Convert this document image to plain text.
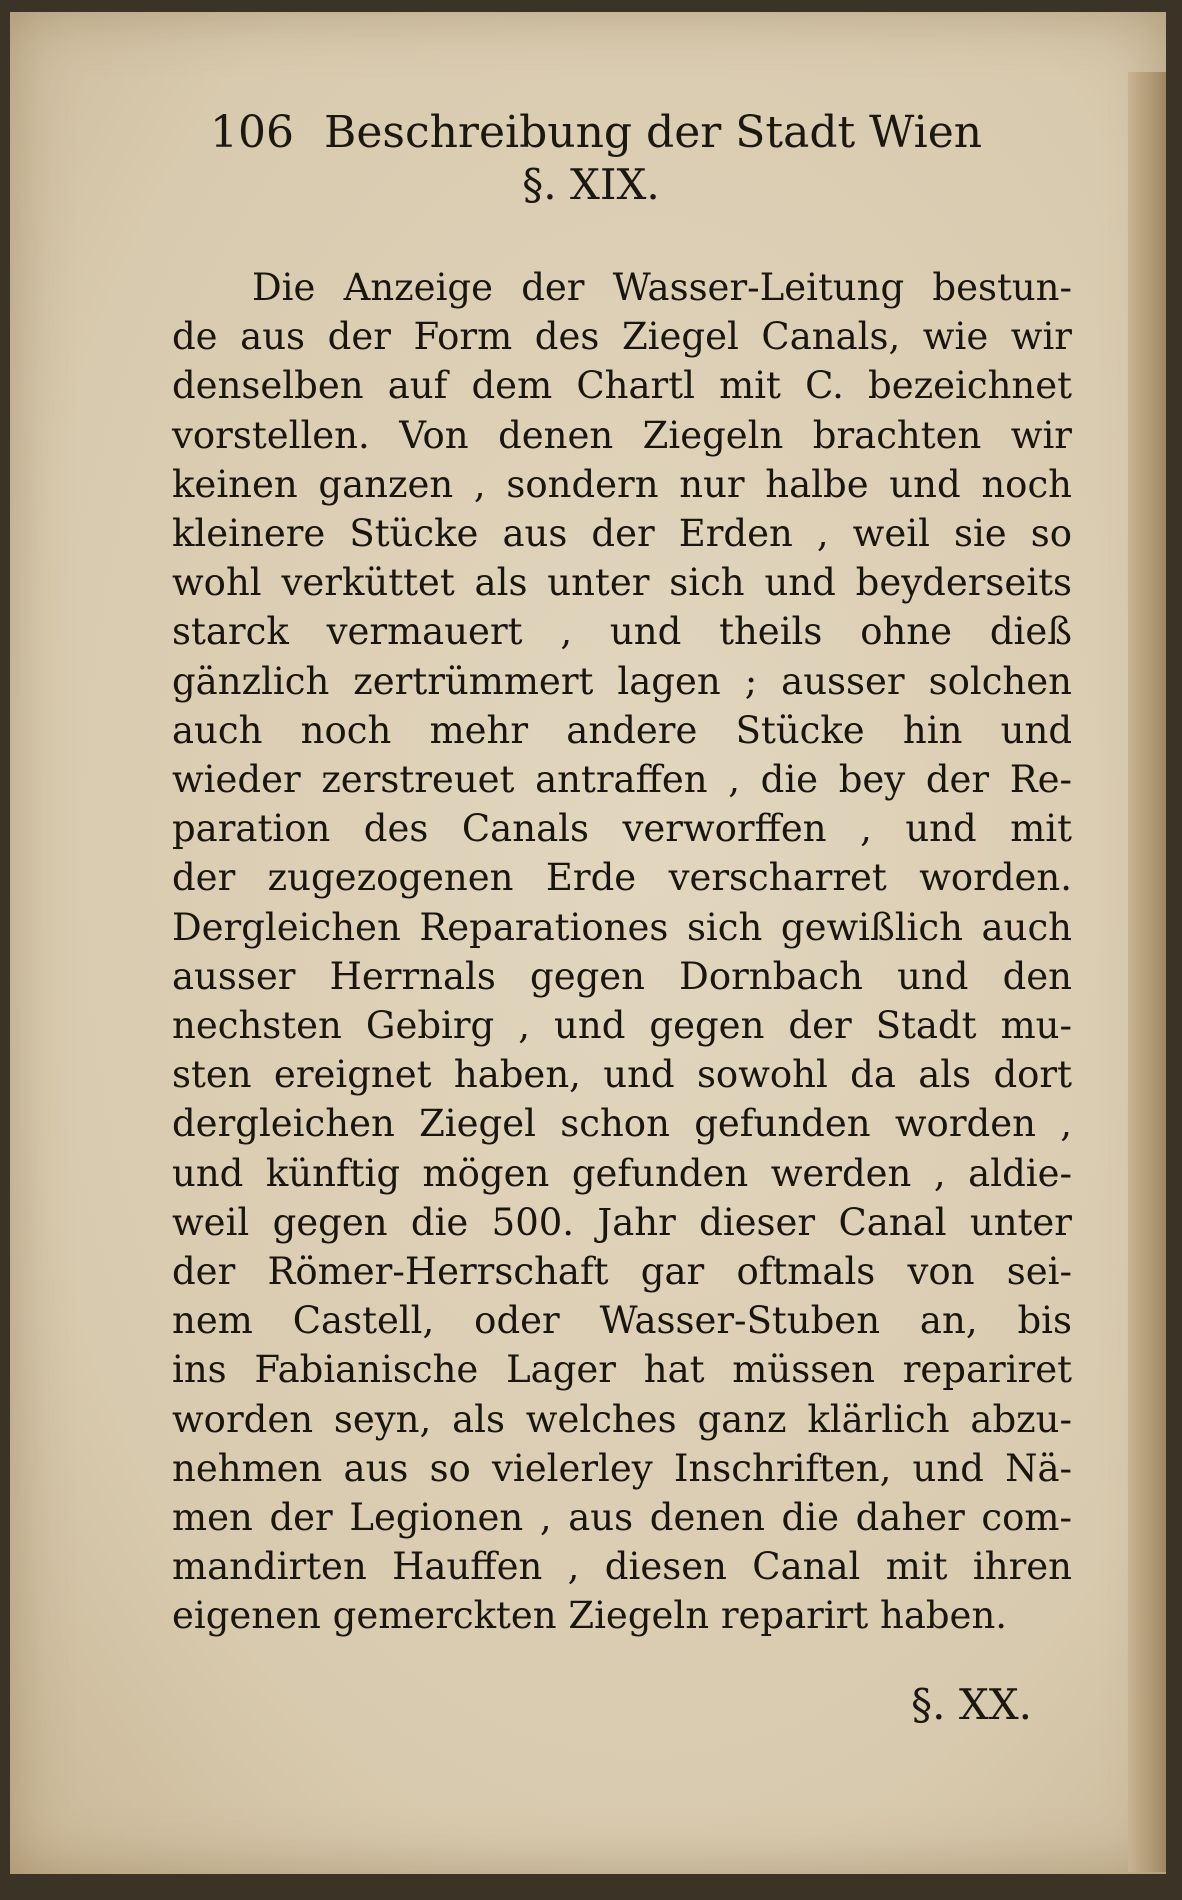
106 Beschreibung der Stadt Wien
§. XIX.
Die Anzeige der Wasser-Leitung bestun-
de aus der Form des Ziegel Canals, wie wir
denselben auf dem Chartl mit C. bezeichnet
vorstellen. Von denen Ziegeln brachten wir
keinen ganzen , sondern nur halbe und noch
kleinere Stücke aus der Erden , weil sie so
wohl verküttet als unter sich und beyderseits
starck vermauert , und theils ohne dieß
gänzlich zertrümmert lagen ; ausser solchen
auch noch mehr andere Stücke hin und
wieder zerstreuet antraffen , die bey der Re-
paration des Canals verworffen , und mit
der zugezogenen Erde verscharret worden.
Dergleichen Reparationes sich gewißlich auch
ausser Herrnals gegen Dornbach und den
nechsten Gebirg , und gegen der Stadt mu-
sten ereignet haben, und sowohl da als dort
dergleichen Ziegel schon gefunden worden ,
und künftig mögen gefunden werden , aldie-
weil gegen die 500. Jahr dieser Canal unter
der Römer-Herrschaft gar oftmals von sei-
nem Castell, oder Wasser-Stuben an, bis
ins Fabianische Lager hat müssen repariret
worden seyn, als welches ganz klärlich abzu-
nehmen aus so vielerley Inschriften, und Nä-
men der Legionen , aus denen die daher com-
mandirten Hauffen , diesen Canal mit ihren
eigenen gemerckten Ziegeln reparirt haben.
§. XX.
